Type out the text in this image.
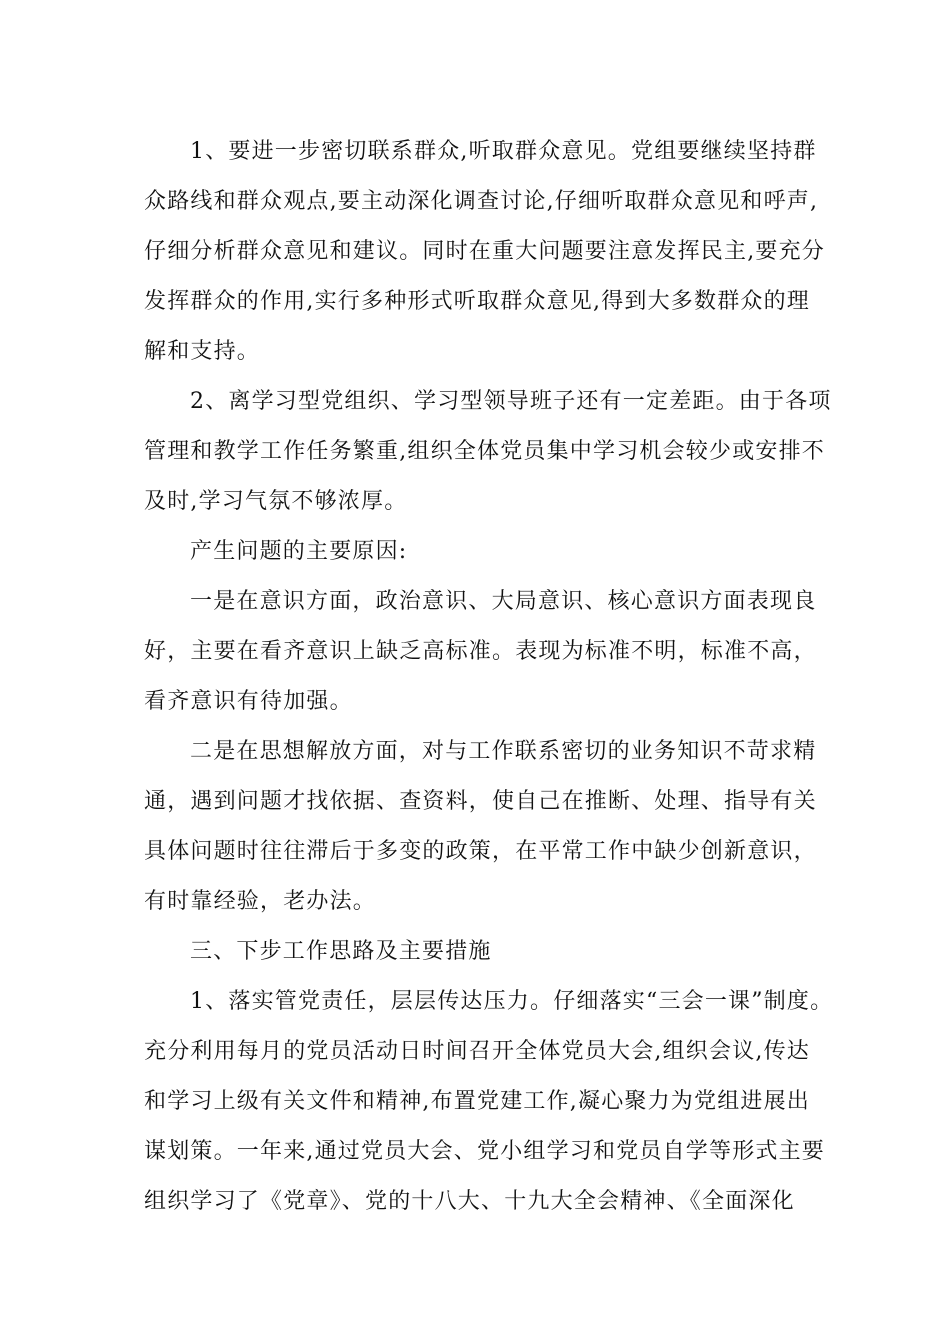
1、要进一步密切联系群众,听取群众意见。党组要继续坚持群
众路线和群众观点,要主动深化调查讨论,仔细听取群众意见和呼声,
仔细分析群众意见和建议。同时在重大问题要注意发挥民主,要充分
发挥群众的作用,实行多种形式听取群众意见,得到大多数群众的理
解和支持。
2、离学习型党组织、学习型领导班子还有一定差距。由于各项
管理和教学工作任务繁重,组织全体党员集中学习机会较少或安排不
及时,学习气氛不够浓厚。
产生问题的主要原因:
一是在意识方面，政治意识、大局意识、核心意识方面表现良
好，主要在看齐意识上缺乏高标准。表现为标准不明，标准不高，
看齐意识有待加强。
二是在思想解放方面，对与工作联系密切的业务知识不苛求精
通，遇到问题才找依据、查资料，使自己在推断、处理、指导有关
具体问题时往往滞后于多变的政策，在平常工作中缺少创新意识，
有时靠经验，老办法。
三、下步工作思路及主要措施
1、落实管党责任，层层传达压力。仔细落实“三会一课”制度。
充分利用每月的党员活动日时间召开全体党员大会,组织会议,传达
和学习上级有关文件和精神,布置党建工作,凝心聚力为党组进展出
谋划策。一年来,通过党员大会、党小组学习和党员自学等形式主要
组织学习了《党章》、党的十八大、十九大全会精神、《全面深化
